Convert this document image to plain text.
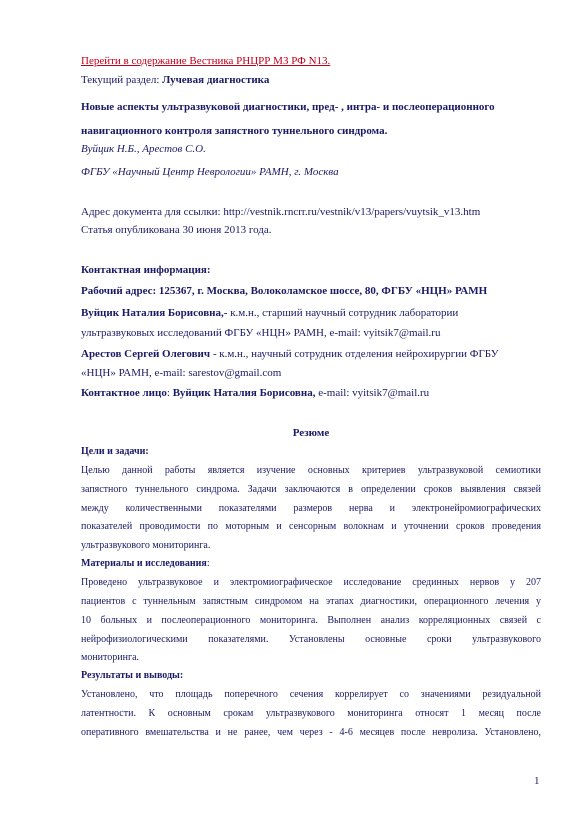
Перейти в содержание Вестника РНЦРР МЗ РФ N13.
Текущий раздел: Лучевая диагностика
Новые аспекты ультразвуковой диагностики, пред- , интра- и послеоперационного
навигационного контроля запястного туннельного синдрома.
Вуйцик Н.Б., Арестов С.О.
ФГБУ «Научный Центр Неврологии» РАМН, г. Москва
Адрес документа для ссылки: http://vestnik.rncrr.ru/vestnik/v13/papers/vuytsik_v13.htm
Статья опубликована 30 июня 2013 года.
Контактная информация:
Рабочий адрес: 125367, г. Москва, Волоколамское шоссе, 80, ФГБУ «НЦН» РАМН
Вуйцик Наталия Борисовна,- к.м.н., старший научный сотрудник лаборатории
ультразвуковых исследований ФГБУ «НЦН» РАМН, e-mail: vyitsik7@mail.ru
Арестов Сергей Олегович - к.м.н., научный сотрудник отделения нейрохирургии ФГБУ
«НЦН» РАМН, e-mail: sarestov@gmail.com
Контактное лицо: Вуйцик Наталия Борисовна, e-mail: vyitsik7@mail.ru
Резюме
Цели и задачи:
Целью данной работы является изучение основных критериев ультразвуковой семиотики
запястного туннельного синдрома. Задачи заключаются в определении сроков выявления связей
между количественными показателями размеров нерва и электронейромиографических
показателей проводимости по моторным и сенсорным волокнам и уточнении сроков проведения
ультразвукового мониторинга.
Материалы и исследования:
Проведено ультразвуковое и электромиографическое исследование срединных нервов у 207
пациентов с туннельным запястным синдромом на этапах диагностики, операционного лечения у
10 больных и послеоперационного мониторинга. Выполнен анализ корреляционных связей с
нейрофизиологическими показателями. Установлены основные сроки ультразвукового
мониторинга.
Результаты и выводы:
Установлено, что площадь поперечного сечения коррелирует со значениями резидуальной
латентности. К основным срокам ультразвукового мониторинга относят 1 месяц после
оперативного вмешательства и не ранее, чем через - 4-6 месяцев после невролиза. Установлено,
1
